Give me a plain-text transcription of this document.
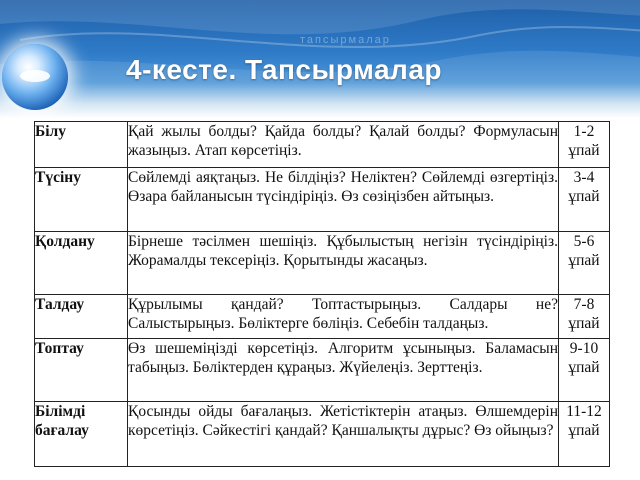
тапсырмалар
4-кесте. Тапсырмалар
Білу	Қай жылы болды? Қайда болды? Қалай болды? Формуласын жазыңыз. Атап көрсетіңіз.	1-2
ұпай

Түсіну	Сөйлемді аяқтаңыз. Не білдіңіз? Неліктен? Сөйлемді өзгертіңіз. Өзара байланысын түсіндіріңіз. Өз сөзіңізбен айтыңыз.	3-4
ұпай

Қолдану	Бірнеше тәсілмен шешіңіз. Құбылыстың негізін түсіндіріңіз. Жорамалды тексеріңіз. Қорытынды жасаңыз.	5-6
ұпай

Талдау	Құрылымы қандай? Топтастырыңыз. Салдары не? Салыстырыңыз. Бөліктерге бөліңіз. Себебін талдаңыз.	7-8
ұпай

Топтау	Өз шешеміңізді көрсетіңіз. Алгоритм ұсыныңыз. Баламасын табыңыз. Бөліктерден құраңыз. Жүйелеңіз. Зерттеңіз.	9-10
ұпай

Білімді бағалау	Қосынды ойды бағалаңыз. Жетістіктерін атаңыз. Өлшемдерін көрсетіңіз. Сәйкестігі қандай? Қаншалықты дұрыс? Өз ойыңыз?	11-12
ұпай
